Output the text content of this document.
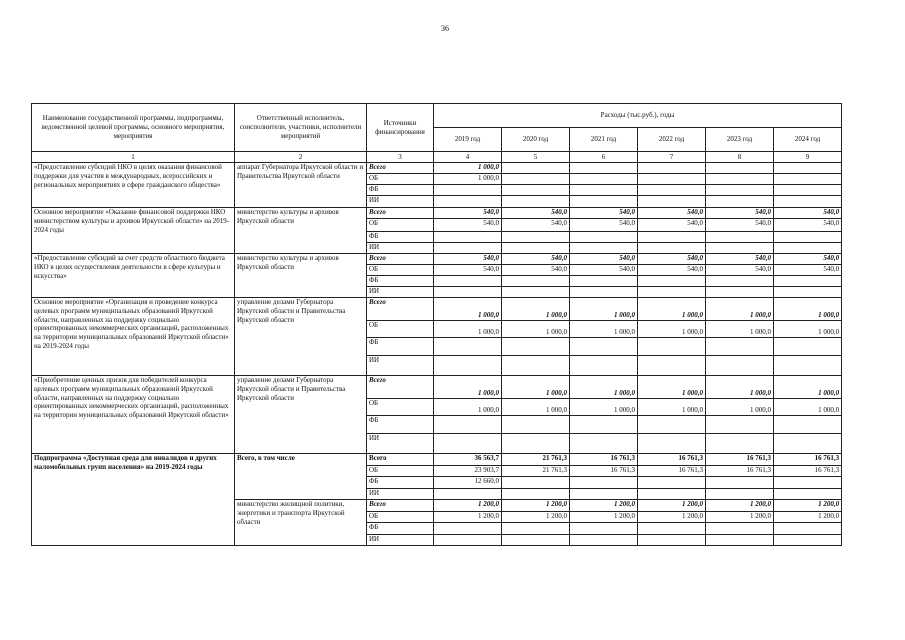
36
Наименование государственной программы, подпрограммы, ведомственной целевой программы, основного мероприятия, мероприятия	Ответственный исполнитель, соисполнители, участники, исполнители мероприятий	Источники финансирования	Расходы (тыс.руб.), годы					
			2019 год	2020 год	2021 год	2022 год	2023 год	2024 год
1	2	3	4	5	6	7	8	9
«Предоставление субсидий НКО в целях оказания финансовой поддержки для участия в международных, всероссийских и региональных мероприятиях в сфере гражданского общества»	аппарат Губернатора Иркутской области и Правительства Иркутской области	Всего	1 000,0					
		ОБ	1 000,0					
		ФБ						
		ИИ						
Основное мероприятие «Оказание финансовой поддержки НКО министерством культуры и архивов Иркутской области» на 2019-2024 годы	министерство культуры и архивов Иркутской области	Всего	540,0	540,0	540,0	540,0	540,0	540,0
		ОБ	540,0	540,0	540,0	540,0	540,0	540,0
		ФБ						
		ИИ						
«Предоставление субсидий за счет средств областного бюджета НКО в целях осуществления деятельности в сфере культуры и искусства»	министерство культуры и архивов Иркутской области	Всего	540,0	540,0	540,0	540,0	540,0	540,0
		ОБ	540,0	540,0	540,0	540,0	540,0	540,0
		ФБ						
		ИИ						
Основное мероприятие «Организация и проведение конкурса целевых программ муниципальных образований Иркутской области, направленных на поддержку социально ориентированных некоммерческих организаций, расположенных на территории муниципальных образований Иркутской области» на 2019-2024 годы	управление делами Губернатора Иркутской области и Правительства Иркутской области	Всего	1 000,0	1 000,0	1 000,0	1 000,0	1 000,0	1 000,0
		ОБ	1 000,0	1 000,0	1 000,0	1 000,0	1 000,0	1 000,0
		ФБ						
		ИИ						
«Приобретение ценных призов для победителей конкурса целевых программ муниципальных образований Иркутской области, направленных на поддержку социально ориентированных некоммерческих организаций, расположенных на территории муниципальных образований Иркутской области»	управление делами Губернатора Иркутской области и Правительства Иркутской области	Всего	1 000,0	1 000,0	1 000,0	1 000,0	1 000,0	1 000,0
		ОБ	1 000,0	1 000,0	1 000,0	1 000,0	1 000,0	1 000,0
		ФБ						
		ИИ						
Подпрограмма «Доступная среда для инвалидов и других маломобильных групп населения» на 2019-2024 годы	Всего, в том числе	Всего	36 563,7	21 761,3	16 761,3	16 761,3	16 761,3	16 761,3
		ОБ	23 903,7	21 761,3	16 761,3	16 761,3	16 761,3	16 761,3
		ФБ	12 660,0					
		ИИ						
	министерство жилищной политики, энергетики и транспорта Иркутской области	Всего	1 200,0	1 200,0	1 200,0	1 200,0	1 200,0	1 200,0
		ОБ	1 200,0	1 200,0	1 200,0	1 200,0	1 200,0	1 200,0
		ФБ						
		ИИ						
